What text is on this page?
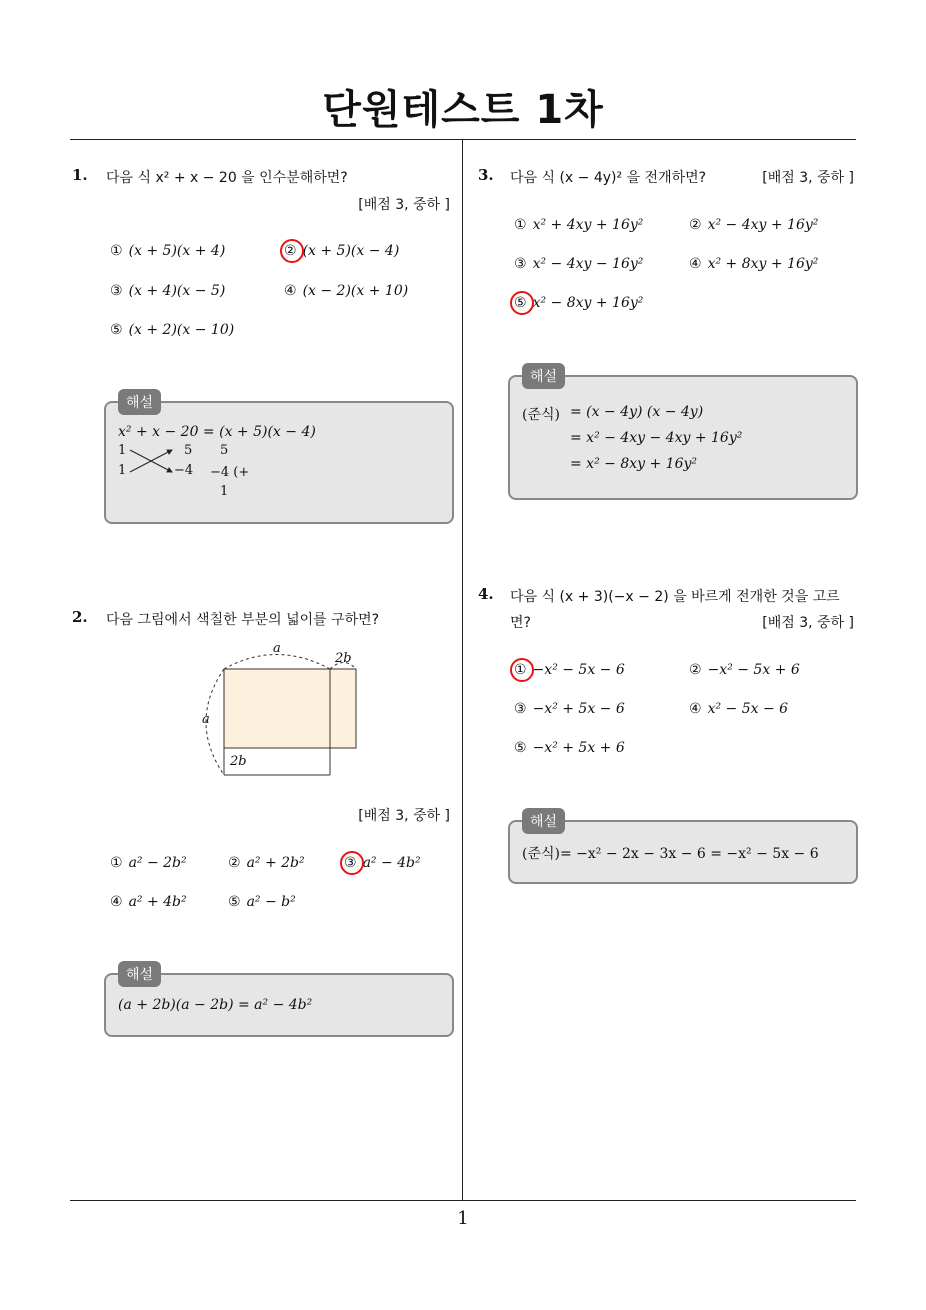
단원테스트 1차
1
1. 다음 식 x² + x − 20 을 인수분해하면?
[배점 3, 중하 ]
① (x + 5)(x + 4)	② (x + 5)(x − 4)
③ (x + 4)(x − 5)	④ (x − 2)(x + 10)
⑤ (x + 2)(x − 10)
해설
x² + x − 20 = (x + 5)(x − 4)
1
1
5 5
−4 −4 (+
1
2. 다음 그림에서 색칠한 부분의 넓이를 구하면?
a
2b
a
2b
[배점 3, 중하 ]
① a² − 2b²	② a² + 2b²	③ a² − 4b²
④ a² + 4b²	⑤ a² − b²
해설
(a + 2b)(a − 2b) = a² − 4b²
3. 다음 식 (x − 4y)² 을 전개하면?	[배점 3, 중하 ]
① x² + 4xy + 16y²	② x² − 4xy + 16y²
③ x² − 4xy − 16y²	④ x² + 8xy + 16y²
⑤ x² − 8xy + 16y²
해설
(준식) = (x − 4y) (x − 4y)
= x² − 4xy − 4xy + 16y²
= x² − 8xy + 16y²
4. 다음 식 (x + 3)(−x − 2) 을 바르게 전개한 것을 고르
면?	[배점 3, 중하 ]
① −x² − 5x − 6	② −x² − 5x + 6
③ −x² + 5x − 6	④ x² − 5x − 6
⑤ −x² + 5x + 6
해설
(준식)= −x² − 2x − 3x − 6 = −x² − 5x − 6
